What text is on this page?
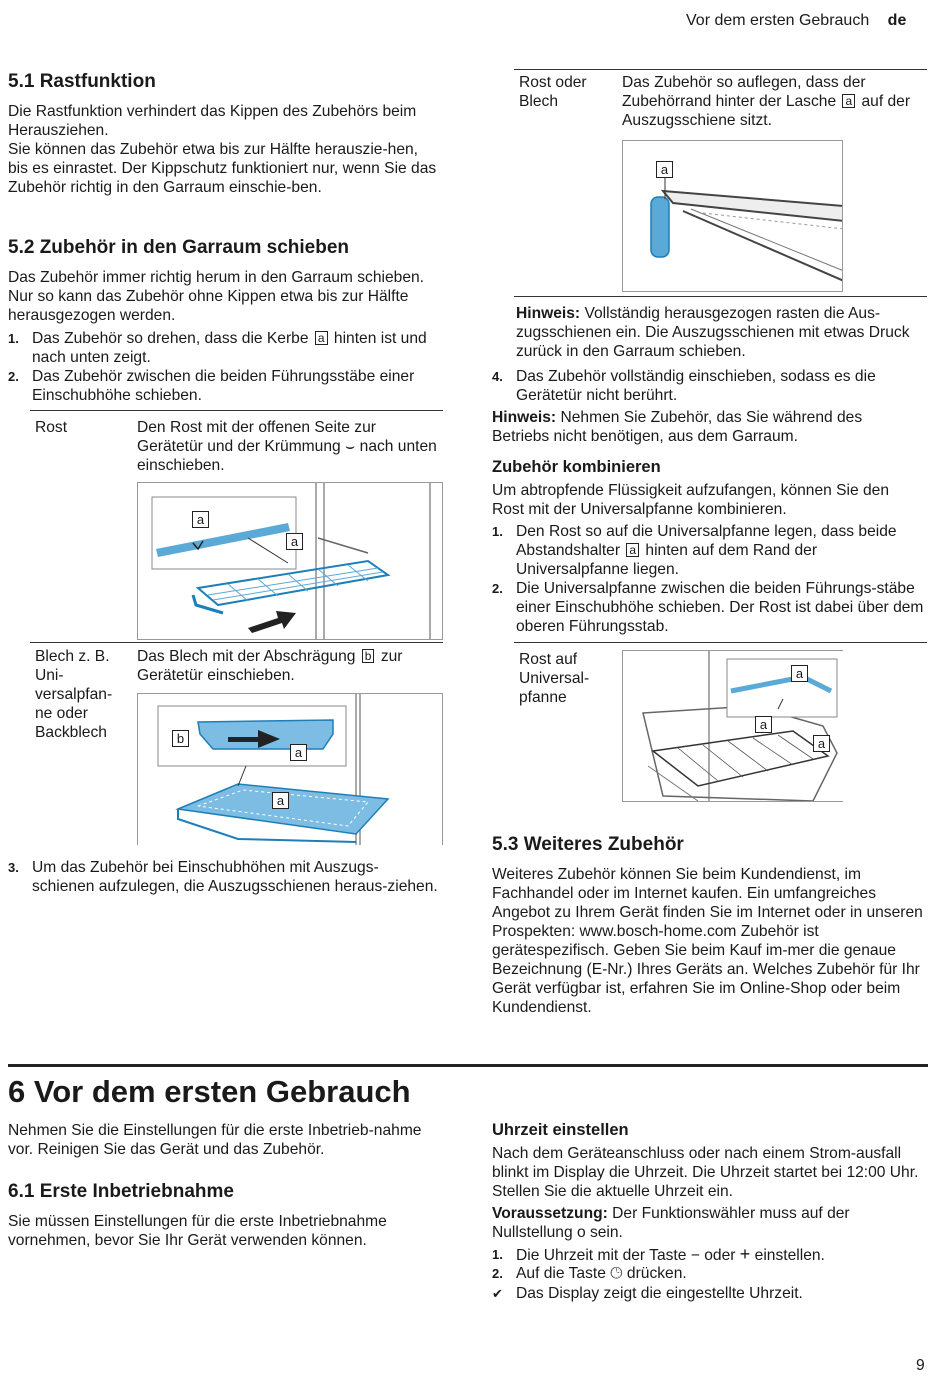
Vor dem ersten Gebrauch de
5.1 Rastfunktion
Die Rastfunktion verhindert das Kippen des Zubehörs beim Herausziehen.
Sie können das Zubehör etwa bis zur Hälfte herauszie-hen, bis es einrastet. Der Kippschutz funktioniert nur, wenn Sie das Zubehör richtig in den Garraum einschie-ben.
5.2 Zubehör in den Garraum schieben
Das Zubehör immer richtig herum in den Garraum schieben. Nur so kann das Zubehör ohne Kippen etwa bis zur Hälfte herausgezogen werden.
1. Das Zubehör so drehen, dass die Kerbe a hinten ist und nach unten zeigt.
2. Das Zubehör zwischen die beiden Führungsstäbe einer Einschubhöhe schieben.
Rost	Den Rost mit der offenen Seite zur Gerätetür und der Krümmung ⌣ nach unten einschieben.
a
a
Blech z. B. Uni-versalpfan-ne oder Backblech
Das Blech mit der Abschrägung b zur Gerätetür einschieben.
b
a
a
3. Um das Zubehör bei Einschubhöhen mit Auszugs-schienen aufzulegen, die Auszugsschienen heraus-ziehen.
Rost oder Blech
Das Zubehör so auflegen, dass der Zubehörrand hinter der Lasche a auf der Auszugsschiene sitzt.
a
Hinweis: Vollständig herausgezogen rasten die Aus-zugsschienen ein. Die Auszugsschienen mit etwas Druck zurück in den Garraum schieben.
4. Das Zubehör vollständig einschieben, sodass es die Gerätetür nicht berührt.
Hinweis: Nehmen Sie Zubehör, das Sie während des Betriebs nicht benötigen, aus dem Garraum.
Zubehör kombinieren
Um abtropfende Flüssigkeit aufzufangen, können Sie den Rost mit der Universalpfanne kombinieren.
1. Den Rost so auf die Universalpfanne legen, dass beide Abstandshalter a hinten auf dem Rand der Universalpfanne liegen.
2. Die Universalpfanne zwischen die beiden Führungs-stäbe einer Einschubhöhe schieben. Der Rost ist dabei über dem oberen Führungsstab.
Rost auf Universal-pfanne
a
a
a
5.3 Weiteres Zubehör
Weiteres Zubehör können Sie beim Kundendienst, im Fachhandel oder im Internet kaufen. Ein umfangreiches Angebot zu Ihrem Gerät finden Sie im Internet oder in unseren Prospekten: www.bosch-home.com Zubehör ist gerätespezifisch. Geben Sie beim Kauf im-mer die genaue Bezeichnung (E-Nr.) Ihres Geräts an. Welches Zubehör für Ihr Gerät verfügbar ist, erfahren Sie im Online-Shop oder beim Kundendienst.
6 Vor dem ersten Gebrauch
Nehmen Sie die Einstellungen für die erste Inbetrieb-nahme vor. Reinigen Sie das Gerät und das Zubehör.
6.1 Erste Inbetriebnahme
Sie müssen Einstellungen für die erste Inbetriebnahme vornehmen, bevor Sie Ihr Gerät verwenden können.
Uhrzeit einstellen
Nach dem Geräteanschluss oder nach einem Strom-ausfall blinkt im Display die Uhrzeit. Die Uhrzeit startet bei 12:00 Uhr. Stellen Sie die aktuelle Uhrzeit ein.
Voraussetzung: Der Funktionswähler muss auf der Nullstellung o sein.
1. Die Uhrzeit mit der Taste − oder + einstellen.
2. Auf die Taste 🕒︎ drücken.
✔ Das Display zeigt die eingestellte Uhrzeit.
9
